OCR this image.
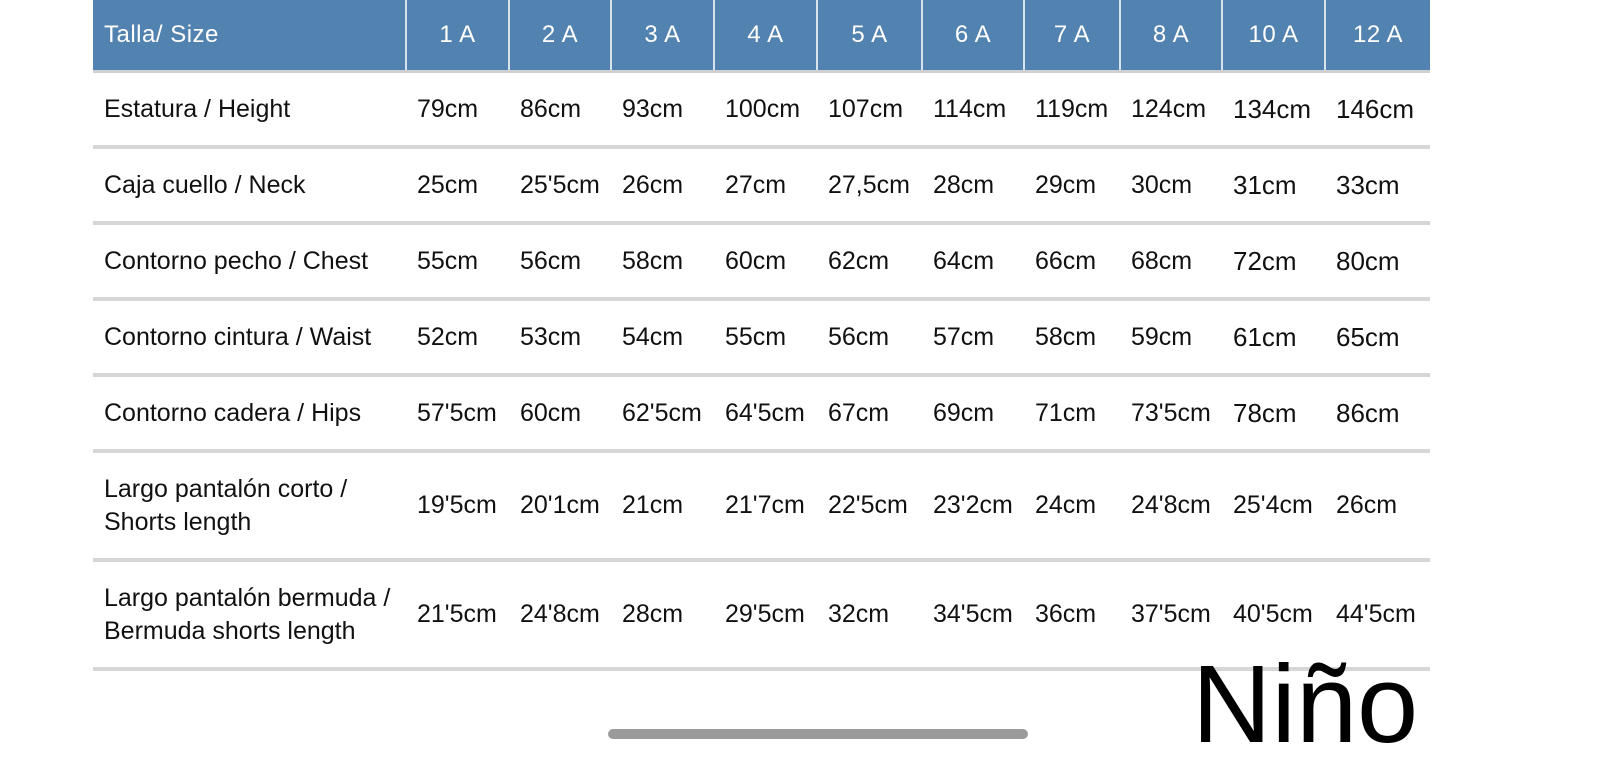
Talla/ Size	1 A	2 A	3 A	4 A	5 A	6 A	7 A	8 A	10 A	12 A
Estatura / Height	79cm	86cm	93cm	100cm	107cm	114cm	119cm	124cm	134cm	146cm
Caja cuello / Neck	25cm	25'5cm	26cm	27cm	27,5cm	28cm	29cm	30cm	31cm	33cm
Contorno pecho / Chest	55cm	56cm	58cm	60cm	62cm	64cm	66cm	68cm	72cm	80cm
Contorno cintura / Waist	52cm	53cm	54cm	55cm	56cm	57cm	58cm	59cm	61cm	65cm
Contorno cadera / Hips	57'5cm	60cm	62'5cm	64'5cm	67cm	69cm	71cm	73'5cm	78cm	86cm
Largo pantalón corto / Shorts length	19'5cm	20'1cm	21cm	21'7cm	22'5cm	23'2cm	24cm	24'8cm	25'4cm	26cm
Largo pantalón bermuda / Bermuda shorts length	21'5cm	24'8cm	28cm	29'5cm	32cm	34'5cm	36cm	37'5cm	40'5cm	44'5cm
Niño
